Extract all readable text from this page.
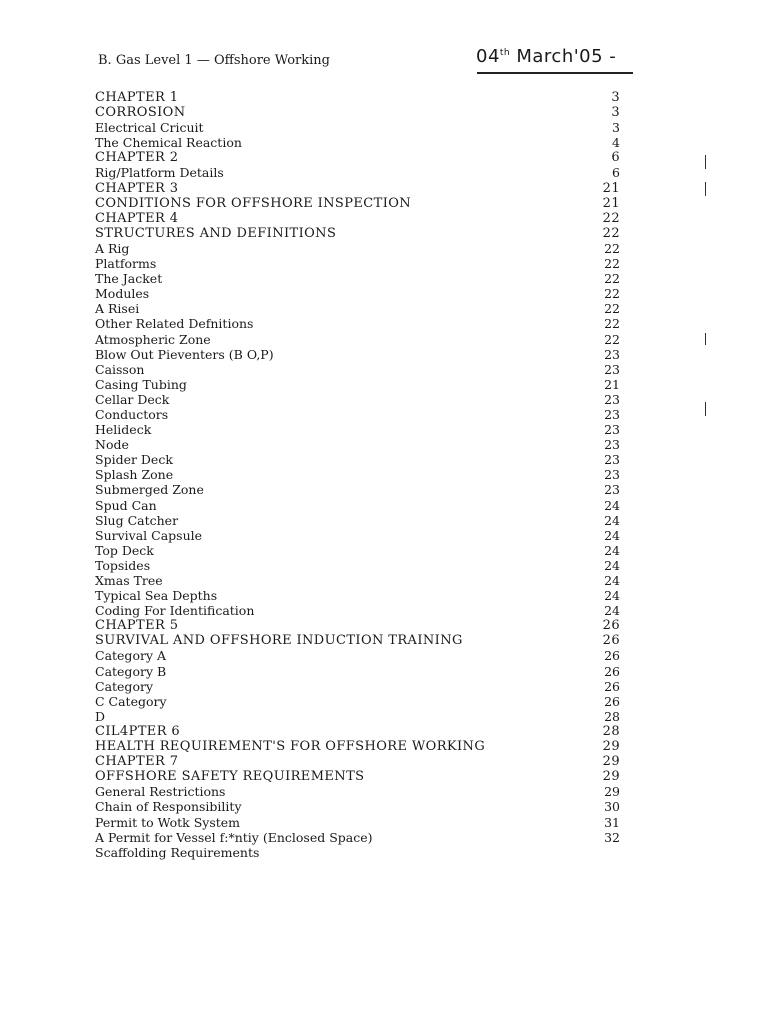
B. Gas Level 1 — Offshore Working	04th March'05 -
CHAPTER 1	3
CORROSION	3
Electrical Cricuit	3
The Chemical Reaction	4
CHAPTER 2	6
Rig/Platform Details	6
CHAPTER 3	21
CONDITIONS FOR OFFSHORE INSPECTION	21
CHAPTER 4	22
STRUCTURES AND DEFINITIONS	22
A Rig	22
Platforms	22
The Jacket	22
Modules	22
A Risei	22
Other Related Defnitions	22
Atmospheric Zone	22
Blow Out Pieventers (B O,P)	23
Caisson	23
Casing Tubing	21
Cellar Deck	23
Conductors	23
Helideck	23
Node	23
Spider Deck	23
Splash Zone	23
Submerged Zone	23
Spud Can	24
Slug Catcher	24
Survival Capsule	24
Top Deck	24
Topsides	24
Xmas Tree	24
Typical Sea Depths	24
Coding For Identification	24
CHAPTER 5	26
SURVIVAL AND OFFSHORE INDUCTION TRAINING	26
Category A	26
Category B	26
Category	26
C Category	26
D	28
CIL4PTER 6	28
HEALTH REQUIREMENT'S FOR OFFSHORE WORKING	29
CHAPTER 7	29
OFFSHORE SAFETY REQUIREMENTS	29
General Restrictions	29
Chain of Responsibility	30
Permit to Wotk System	31
A Permit for Vessel f:*ntiy (Enclosed Space)	32
Scaffolding Requirements
